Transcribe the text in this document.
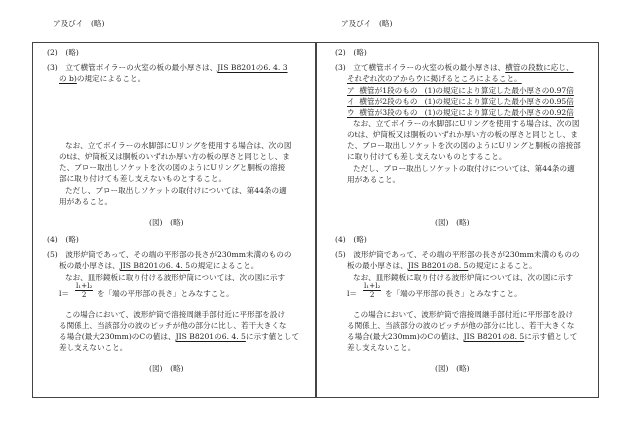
ア及びイ　(略)
(2)　(略)
(3)　立て横管ボイラーの火室の板の最小厚さは、JIS B8201の6. 4. 3
の b)の規定によること。
なお、立てボイラーの水脚部にUリングを使用する場合は、次の図
のtは、炉筒板又は胴板のいずれか厚い方の板の厚さと同じとし、ま
た、ブロー取出しソケットを次の図のようにUリングと胴板の溶接
部に取り付けても差し支えないものとすること。
ただし、ブロー取出しソケットの取付けについては、第44条の適
用があること。
(図)　(略)
(4)　(略)
(5)　波形炉筒であって、その端の平形部の長さが230mm未満のものの
板の最小厚さは、JIS B8201の6. 4. 5の規定によること。
なお、皿形鏡板に取り付ける波形炉筒については、次の図に示す
$l= \frac{\text{l₁+l₂}}{2}$ を「端の平形部の長さ」とみなすこと。
この場合において、波形炉筒で溶接周継手部付近に平形部を設け
る関係上、当該部分の波のピッチが他の部分に比し、若干大きくな
る場合(最大230mm)のCの値は、JIS B8201の6. 4. 5に示す値として
差し支えないこと。
(図)　(略)
ア及びイ　(略)
(2)　(略)
(3)　立て横管ボイラーの火室の板の最小厚さは、横管の段数に応じ、
それぞれ次のアからウに掲げるところによること。
ア 横管が1段のもの (1)の規定により算定した最小厚さの0.97倍
イ 横管が2段のもの (1)の規定により算定した最小厚さの0.95倍
ウ 横管が3段のもの (1)の規定により算定した最小厚さの0.92倍
なお、立てボイラーの水脚部にUリングを使用する場合は、次の図
のtは、炉筒板又は胴板のいずれか厚い方の板の厚さと同じとし、ま
た、ブロー取出しソケットを次の図のようにUリングと胴板の溶接部
に取り付けても差し支えないものとすること。
ただし、ブロー取出しソケットの取付けについては、第44条の適
用があること。
(図)　(略)
(4)　(略)
(5)　波形炉筒であって、その端の平形部の長さが230mm未満のものの
板の最小厚さは、JIS B8201の8. 5の規定によること。
なお、皿形鏡板に取り付ける波形炉筒については、次の図に示す
$l= \frac{\text{l₁+l₂}}{2}$ を「端の平形部の長さ」とみなすこと。
この場合において、波形炉筒で溶接周継手部付近に平形部を設け
る関係上、当該部分の波のピッチが他の部分に比し、若干大きくな
る場合(最大230mm)のCの値は、JIS B8201の8. 5に示す値として
差し支えないこと。
(図)　(略)
